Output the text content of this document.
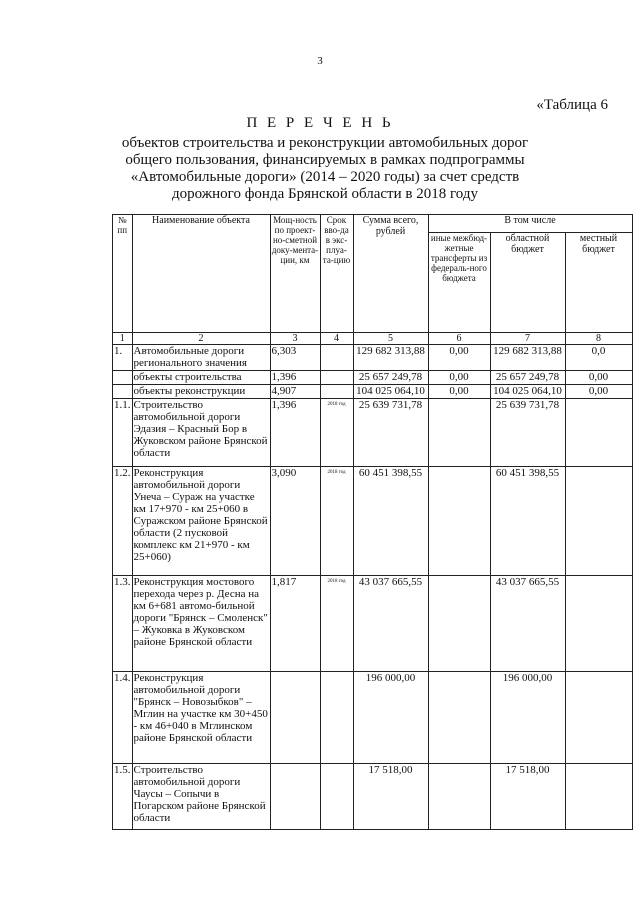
3
«Таблица 6
П Е Р Е Ч Е Н Ь
объектов строительства и реконструкции автомобильных дорог общего пользования, финансируемых в рамках подпрограммы «Автомобильные дороги» (2014 – 2020 годы) за счет средств дорожного фонда Брянской области в 2018 году
№ пп	Наименование объекта	Мощ-ность по проект-но-сметной доку-мента-ции, км	Срок вво-да в экс-плуа-та-цию	Сумма всего, рублей	В том числе		
					иные межбюд-жетные трансферты из федераль-ного бюджета	областной бюджет	местный бюджет
1	2	3	4	5	6	7	8
1.	Автомобильные дороги регионального значения	6,303		129 682 313,88	0,00	129 682 313,88	0,0
	объекты строительства	1,396		25 657 249,78	0,00	25 657 249,78	0,00
	объекты реконструкции	4,907		104 025 064,10	0,00	104 025 064,10	0,00
1.1.	Строительство автомобильной дороги Эдазия – Красный Бор в Жуковском районе Брянской области	1,396	2018 год	25 639 731,78		25 639 731,78	
1.2.	Реконструкция автомобильной дороги Унеча – Сураж на участке км 17+970 - км 25+060 в Суражском районе Брянской области (2 пусковой комплекс км 21+970 - км 25+060)	3,090	2018 год	60 451 398,55		60 451 398,55	
1.3.	Реконструкция мостового перехода через р. Десна на км 6+681 автомо-бильной дороги "Брянск – Смоленск" – Жуковка в Жуковском районе Брянской области	1,817	2018 год	43 037 665,55		43 037 665,55	
1.4.	Реконструкция автомобильной дороги "Брянск – Новозыбков" – Мглин на участке км 30+450 - км 46+040 в Мглинском районе Брянской области			196 000,00		196 000,00	
1.5.	Строительство автомобильной дороги Чаусы – Сопычи в Погарском районе Брянской области			17 518,00		17 518,00	
